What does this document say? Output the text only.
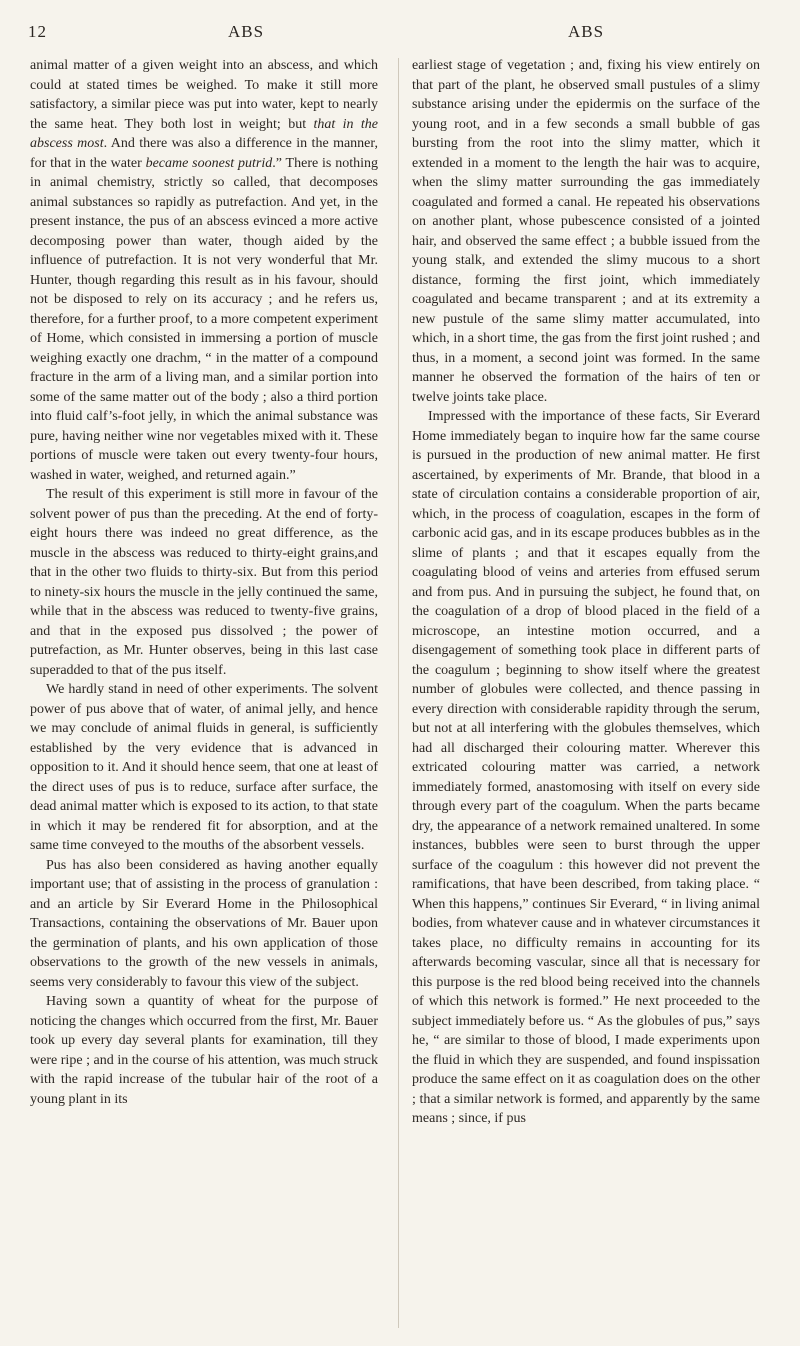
12	ABS	ABS

animal matter of a given weight into an abscess, and which could at stated times be weighed. To make it still more satisfactory, a similar piece was put into water, kept to nearly the same heat. They both lost in weight; but that in the abscess most. And there was also a difference in the manner, for that in the water became soonest putrid.” There is nothing in animal chemistry, strictly so called, that decomposes animal substances so rapidly as putrefaction. And yet, in the present instance, the pus of an abscess evinced a more active decomposing power than water, though aided by the influence of putrefaction. It is not very wonderful that Mr. Hunter, though regarding this result as in his favour, should not be disposed to rely on its accuracy ; and he refers us, therefore, for a further proof, to a more competent experiment of Home, which consisted in immersing a portion of muscle weighing exactly one drachm, “ in the matter of a compound fracture in the arm of a living man, and a similar portion into some of the same matter out of the body ; also a third portion into fluid calf’s-foot jelly, in which the animal substance was pure, having neither wine nor vegetables mixed with it. These portions of muscle were taken out every twenty-four hours, washed in water, weighed, and returned again.”

The result of this experiment is still more in favour of the solvent power of pus than the preceding. At the end of forty-eight hours there was indeed no great difference, as the muscle in the abscess was reduced to thirty-eight grains,and that in the other two fluids to thirty-six. But from this period to ninety-six hours the muscle in the jelly continued the same, while that in the abscess was reduced to twenty-five grains, and that in the exposed pus dissolved ; the power of putrefaction, as Mr. Hunter observes, being in this last case superadded to that of the pus itself.

We hardly stand in need of other experiments. The solvent power of pus above that of water, of animal jelly, and hence we may conclude of animal fluids in general, is sufficiently established by the very evidence that is advanced in opposition to it. And it should hence seem, that one at least of the direct uses of pus is to reduce, surface after surface, the dead animal matter which is exposed to its action, to that state in which it may be rendered fit for absorption, and at the same time conveyed to the mouths of the absorbent vessels.

Pus has also been considered as having another equally important use; that of assisting in the process of granulation : and an article by Sir Everard Home in the Philosophical Transactions, containing the observations of Mr. Bauer upon the germination of plants, and his own application of those observations to the growth of the new vessels in animals, seems very considerably to favour this view of the subject.

Having sown a quantity of wheat for the purpose of noticing the changes which occurred from the first, Mr. Bauer took up every day several plants for examination, till they were ripe ; and in the course of his attention, was much struck with the rapid increase of the tubular hair of the root of a young plant in its

earliest stage of vegetation ; and, fixing his view entirely on that part of the plant, he observed small pustules of a slimy substance arising under the epidermis on the surface of the young root, and in a few seconds a small bubble of gas bursting from the root into the slimy matter, which it extended in a moment to the length the hair was to acquire, when the slimy matter surrounding the gas immediately coagulated and formed a canal. He repeated his observations on another plant, whose pubescence consisted of a jointed hair, and observed the same effect ; a bubble issued from the young stalk, and extended the slimy mucous to a short distance, forming the first joint, which immediately coagulated and became transparent ; and at its extremity a new pustule of the same slimy matter accumulated, into which, in a short time, the gas from the first joint rushed ; and thus, in a moment, a second joint was formed. In the same manner he observed the formation of the hairs of ten or twelve joints take place.

Impressed with the importance of these facts, Sir Everard Home immediately began to inquire how far the same course is pursued in the production of new animal matter. He first ascertained, by experiments of Mr. Brande, that blood in a state of circulation contains a considerable proportion of air, which, in the process of coagulation, escapes in the form of carbonic acid gas, and in its escape produces bubbles as in the slime of plants ; and that it escapes equally from the coagulating blood of veins and arteries from effused serum and from pus. And in pursuing the subject, he found that, on the coagulation of a drop of blood placed in the field of a microscope, an intestine motion occurred, and a disengagement of something took place in different parts of the coagulum ; beginning to show itself where the greatest number of globules were collected, and thence passing in every direction with considerable rapidity through the serum, but not at all interfering with the globules themselves, which had all discharged their colouring matter. Wherever this extricated colouring matter was carried, a network immediately formed, anastomosing with itself on every side through every part of the coagulum. When the parts became dry, the appearance of a network remained unaltered. In some instances, bubbles were seen to burst through the upper surface of the coagulum : this however did not prevent the ramifications, that have been described, from taking place. “ When this happens,” continues Sir Everard, “ in living animal bodies, from whatever cause and in whatever circumstances it takes place, no difficulty remains in accounting for its afterwards becoming vascular, since all that is necessary for this purpose is the red blood being received into the channels of which this network is formed.” He next proceeded to the subject immediately before us. “ As the globules of pus,” says he, “ are similar to those of blood, I made experiments upon the fluid in which they are suspended, and found inspissation produce the same effect on it as coagulation does on the other ; that a similar network is formed, and apparently by the same means ; since, if pus
